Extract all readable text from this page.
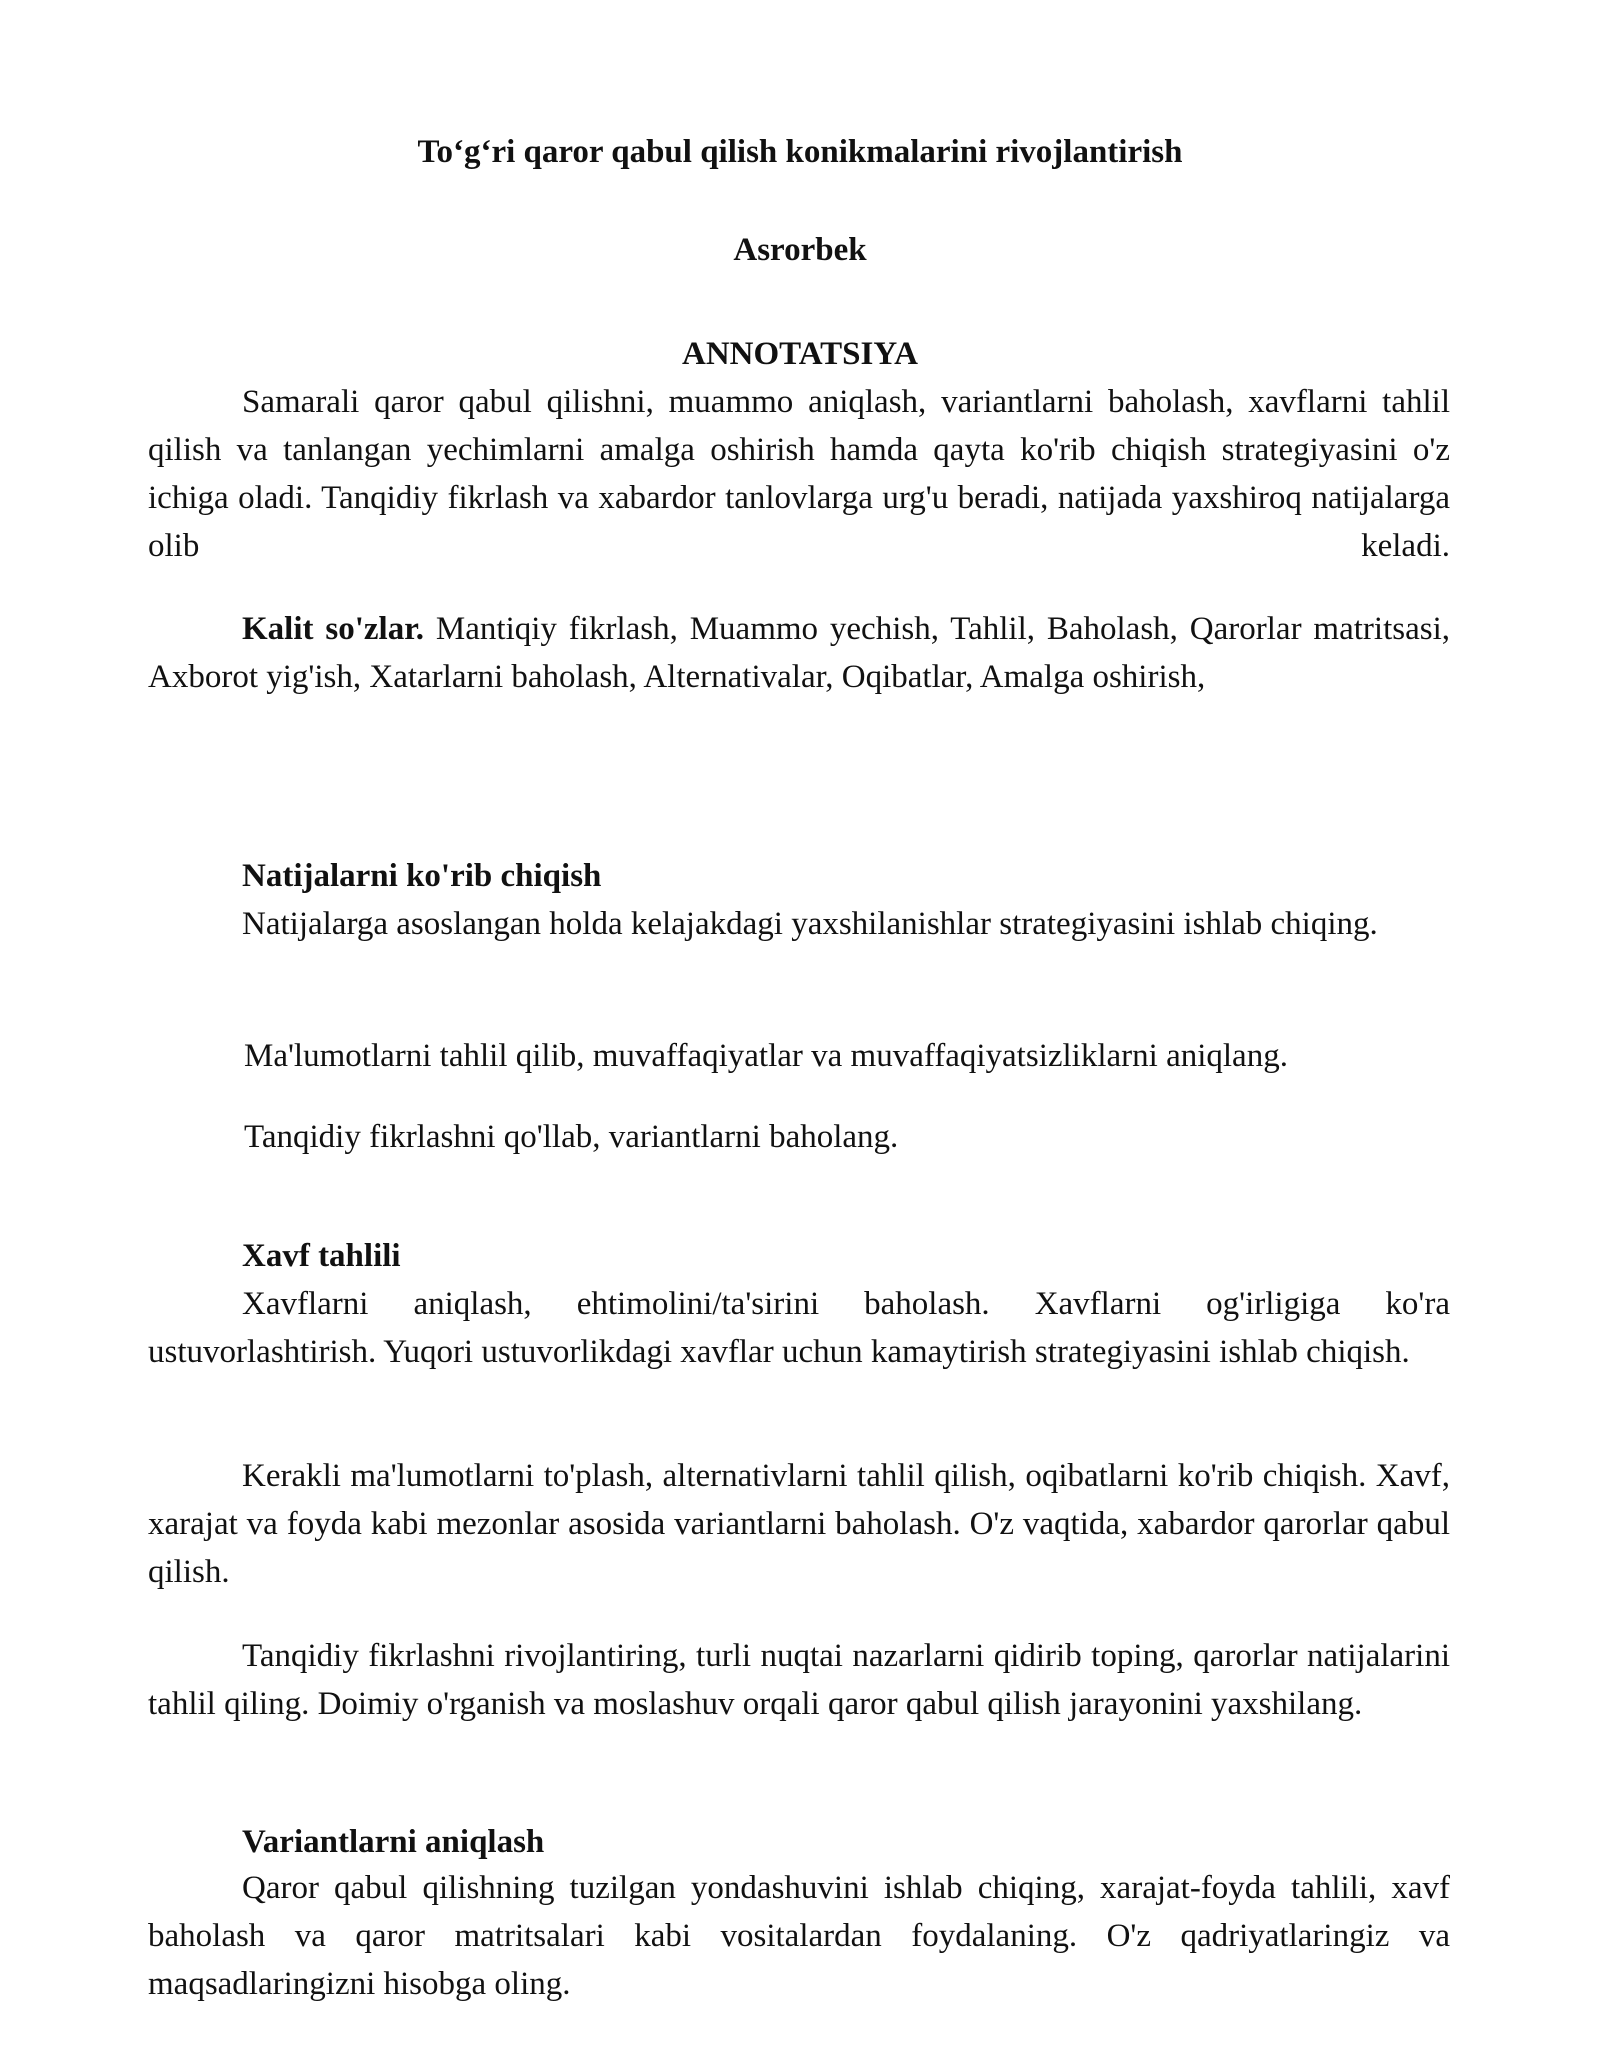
To‘g‘ri qaror qabul qilish konikmalarini rivojlantirish
Asrorbek
ANNOTATSIYA
Samarali qaror qabul qilishni, muammo aniqlash, variantlarni baholash, xavflarni tahlil qilish va tanlangan yechimlarni amalga oshirish hamda qayta ko'rib chiqish strategiyasini o'z ichiga oladi. Tanqidiy fikrlash va xabardor tanlovlarga urg'u beradi, natijada yaxshiroq natijalarga olib keladi.
Kalit so'zlar. Mantiqiy fikrlash, Muammo yechish, Tahlil, Baholash, Qarorlar matritsasi, Axborot yig'ish, Xatarlarni baholash, Alternativalar, Oqibatlar, Amalga oshirish,
Natijalarni ko'rib chiqish
Natijalarga asoslangan holda kelajakdagi yaxshilanishlar strategiyasini ishlab chiqing.
Ma'lumotlarni tahlil qilib, muvaffaqiyatlar va muvaffaqiyatsizliklarni aniqlang.
Tanqidiy fikrlashni qo'llab, variantlarni baholang.
Xavf tahlili
Xavflarni aniqlash, ehtimolini/ta'sirini baholash. Xavflarni og'irligiga ko'ra ustuvorlashtirish. Yuqori ustuvorlikdagi xavflar uchun kamaytirish strategiyasini ishlab chiqish.
Kerakli ma'lumotlarni to'plash, alternativlarni tahlil qilish, oqibatlarni ko'rib chiqish. Xavf, xarajat va foyda kabi mezonlar asosida variantlarni baholash. O'z vaqtida, xabardor qarorlar qabul qilish.
Tanqidiy fikrlashni rivojlantiring, turli nuqtai nazarlarni qidirib toping, qarorlar natijalarini tahlil qiling. Doimiy o'rganish va moslashuv orqali qaror qabul qilish jarayonini yaxshilang.
Variantlarni aniqlash
Qaror qabul qilishning tuzilgan yondashuvini ishlab chiqing, xarajat-foyda tahlili, xavf baholash va qaror matritsalari kabi vositalardan foydalaning. O'z qadriyatlaringiz va maqsadlaringizni hisobga oling.
